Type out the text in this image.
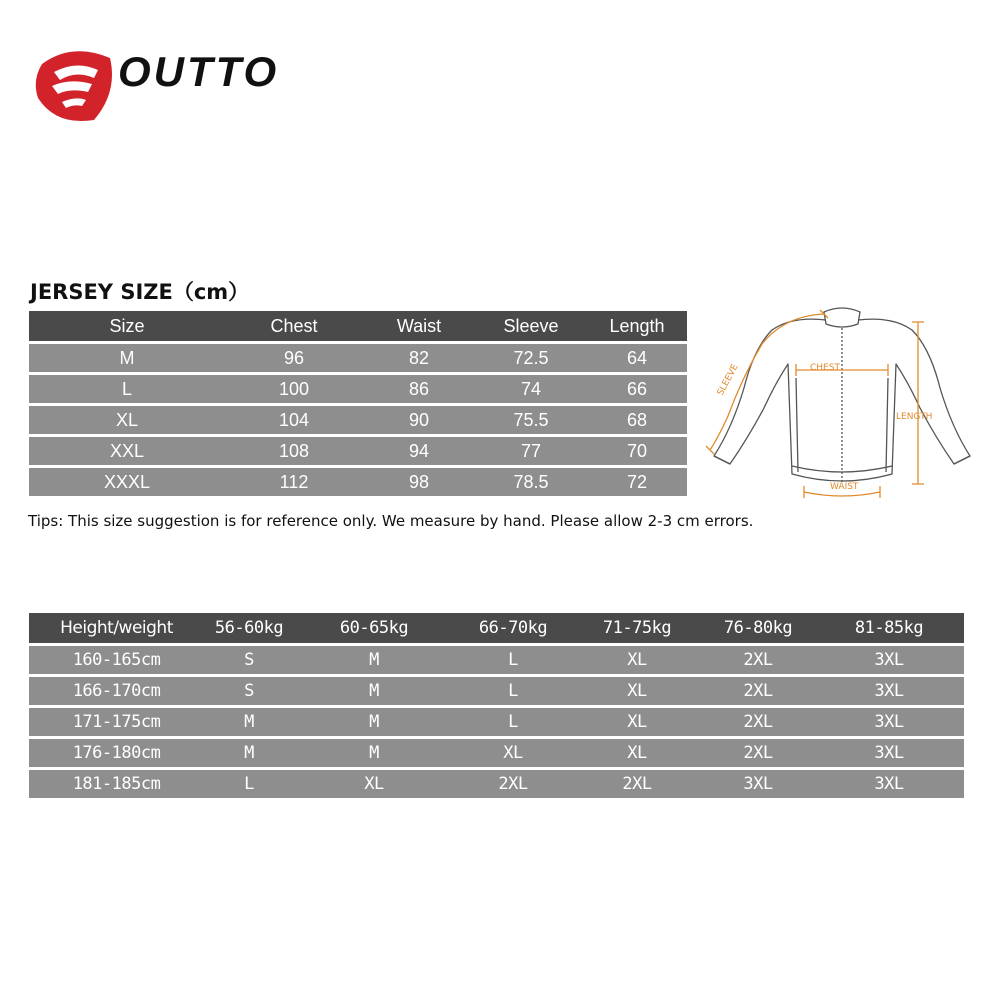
OUTTO
JERSEY SIZE（cm）
Size	Chest	Waist	Sleeve	Length
M	96	82	72.5	64
L	100	86	74	66
XL	104	90	75.5	68
XXL	108	94	77	70
XXXL	112	98	78.5	72
CHEST
LENGTH
WAIST
SLEEVE
Tips: This size suggestion is for reference only. We measure by hand. Please allow 2-3 cm errors.
Height/weight	56-60kg	60-65kg	66-70kg	71-75kg	76-80kg	81-85kg
160-165cm	S	M	L	XL	2XL	3XL
166-170cm	S	M	L	XL	2XL	3XL
171-175cm	M	M	L	XL	2XL	3XL
176-180cm	M	M	XL	XL	2XL	3XL
181-185cm	L	XL	2XL	2XL	3XL	3XL
